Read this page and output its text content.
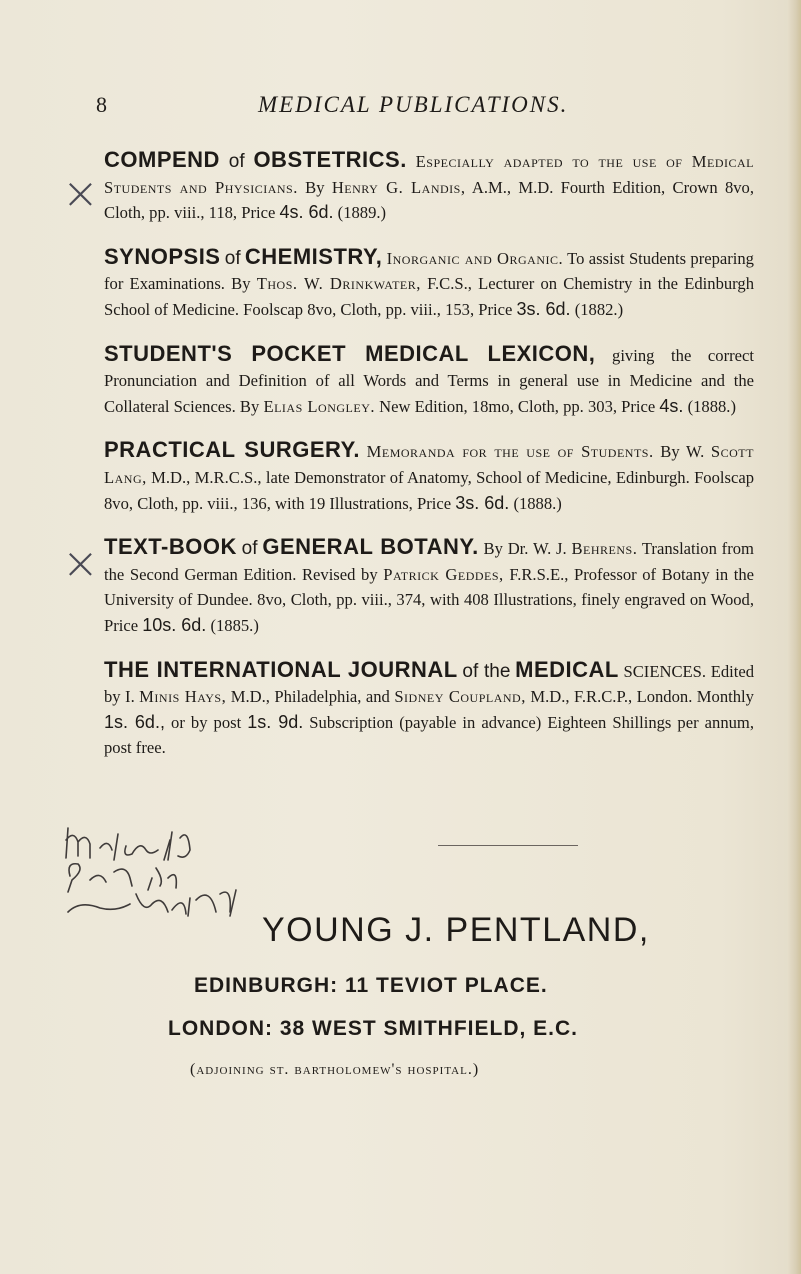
8	MEDICAL PUBLICATIONS.
×
×
COMPEND of OBSTETRICS. Especially adapted to the use of Medical Students and Physicians. By Henry G. Landis, A.M., M.D. Fourth Edition, Crown 8vo, Cloth, pp. viii., 118, Price 4s. 6d. (1889.)
SYNOPSIS of CHEMISTRY, Inorganic and Organic. To assist Students preparing for Examinations. By Thos. W. Drinkwater, F.C.S., Lecturer on Chemistry in the Edinburgh School of Medicine. Foolscap 8vo, Cloth, pp. viii., 153, Price 3s. 6d. (1882.)
STUDENT'S POCKET MEDICAL LEXICON, giving the correct Pronunciation and Definition of all Words and Terms in general use in Medicine and the Collateral Sciences. By Elias Longley. New Edition, 18mo, Cloth, pp. 303, Price 4s. (1888.)
PRACTICAL SURGERY. Memoranda for the use of Students. By W. Scott Lang, M.D., M.R.C.S., late Demonstrator of Anatomy, School of Medicine, Edinburgh. Foolscap 8vo, Cloth, pp. viii., 136, with 19 Illustrations, Price 3s. 6d. (1888.)
TEXT-BOOK of GENERAL BOTANY. By Dr. W. J. Behrens. Translation from the Second German Edition. Revised by Patrick Geddes, F.R.S.E., Professor of Botany in the University of Dundee. 8vo, Cloth, pp. viii., 374, with 408 Illustrations, finely engraved on Wood, Price 10s. 6d. (1885.)
THE INTERNATIONAL JOURNAL of the MEDICAL SCIENCES. Edited by I. Minis Hays, M.D., Philadelphia, and Sidney Coupland, M.D., F.R.C.P., London. Monthly 1s. 6d., or by post 1s. 9d. Subscription (payable in advance) Eighteen Shillings per annum, post free.
YOUNG J. PENTLAND,
EDINBURGH: 11 TEVIOT PLACE.
LONDON: 38 WEST SMITHFIELD, E.C.
(adjoining st. bartholomew's hospital.)
